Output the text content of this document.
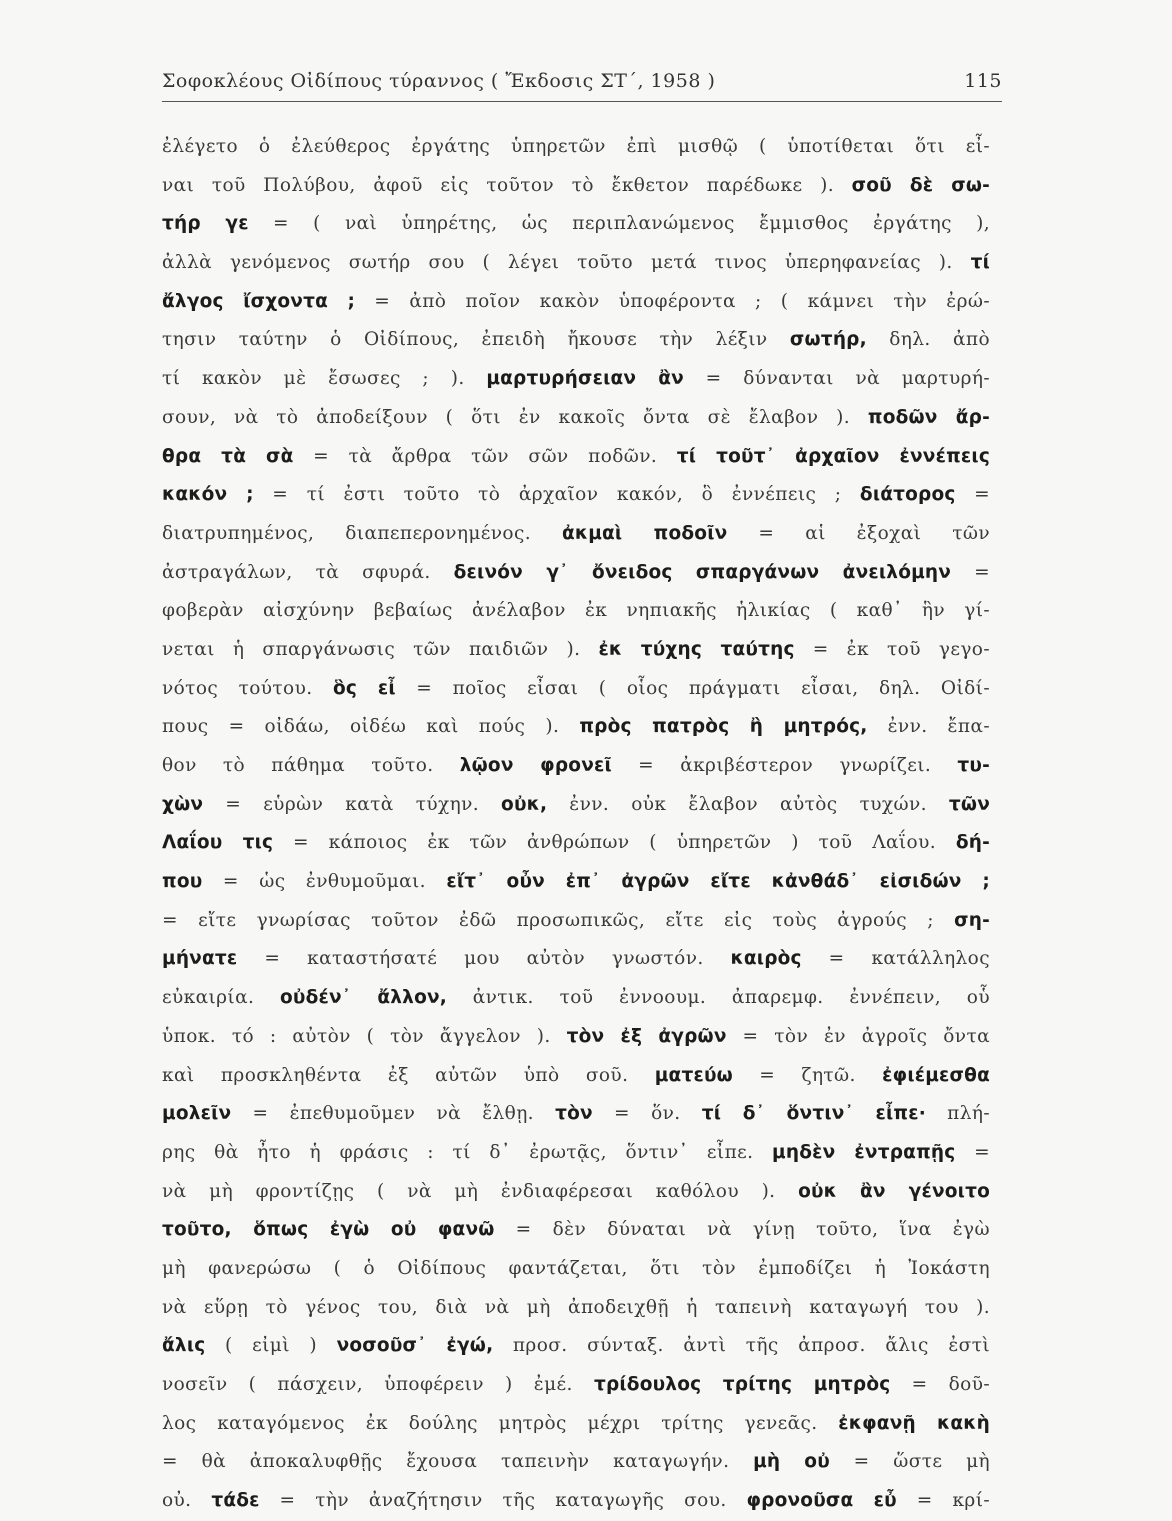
Σοφοκλέους Οἰδίπους τύραννος ( Ἔκδοσις ΣΤ΄, 1958 )	115
ἐλέγετο ὁ ἐλεύθερος ἐργάτης ὑπηρετῶν ἐπὶ μισθῷ ( ὑποτίθεται ὅτι εἶ-
ναι τοῦ Πολύβου, ἀφοῦ εἰς τοῦτον τὸ ἔκθετον παρέδωκε ). σοῦ δὲ σω-
τήρ γε = ( ναὶ ὑπηρέτης, ὡς περιπλανώμενος ἔμμισθος ἐργάτης ),
ἀλλὰ γενόμενος σωτήρ σου ( λέγει τοῦτο μετά τινος ὑπερηφανείας ). τί
ἄλγος ἴσχοντα ; = ἀπὸ ποῖον κακὸν ὑποφέροντα ; ( κάμνει τὴν ἐρώ-
τησιν ταύτην ὁ Οἰδίπους, ἐπειδὴ ἤκουσε τὴν λέξιν σωτήρ, δηλ. ἀπὸ
τί κακὸν μὲ ἔσωσες ; ). μαρτυρήσειαν ἂν = δύνανται νὰ μαρτυρή-
σουν, νὰ τὸ ἀποδείξουν ( ὅτι ἐν κακοῖς ὄντα σὲ ἔλαβον ). ποδῶν ἄρ-
θρα τὰ σὰ = τὰ ἄρθρα τῶν σῶν ποδῶν. τί τοῦτ᾽ ἀρχαῖον ἐννέπεις
κακόν ; = τί ἐστι τοῦτο τὸ ἀρχαῖον κακόν, ὃ ἐννέπεις ; διάτορος =
διατρυπημένος, διαπεπερονημένος. ἀκμαὶ ποδοῖν = αἱ ἐξοχαὶ τῶν
ἀστραγάλων, τὰ σφυρά. δεινόν γ᾽ ὄνειδος σπαργάνων ἀνειλόμην =
φοβερὰν αἰσχύνην βεβαίως ἀνέλαβον ἐκ νηπιακῆς ἡλικίας ( καθ᾽ ἣν γί-
νεται ἡ σπαργάνωσις τῶν παιδιῶν ). ἐκ τύχης ταύτης = ἐκ τοῦ γεγο-
νότος τούτου. ὃς εἶ = ποῖος εἶσαι ( οἷος πράγματι εἶσαι, δηλ. Οἰδί-
πους = οἰδάω, οἰδέω καὶ πούς ). πρὸς πατρὸς ἢ μητρός, ἐνν. ἔπα-
θον τὸ πάθημα τοῦτο. λῷον φρονεῖ = ἀκριβέστερον γνωρίζει. τυ-
χὼν = εὑρὼν κατὰ τύχην. οὐκ, ἐνν. οὐκ ἔλαβον αὐτὸς τυχών. τῶν
Λαΐου τις = κάποιος ἐκ τῶν ἀνθρώπων ( ὑπηρετῶν ) τοῦ Λαΐου. δή-
που = ὡς ἐνθυμοῦμαι. εἴτ᾽ οὖν ἐπ᾽ ἀγρῶν εἴτε κἀνθάδ᾽ εἰσιδών ;
= εἴτε γνωρίσας τοῦτον ἐδῶ προσωπικῶς, εἴτε εἰς τοὺς ἀγρούς ; ση-
μήνατε = καταστήσατέ μου αὐτὸν γνωστόν. καιρὸς = κατάλληλος
εὐκαιρία. οὐδέν᾽ ἄλλον, ἀντικ. τοῦ ἐννοουμ. ἀπαρεμφ. ἐννέπειν, οὗ
ὑποκ. τό : αὐτὸν ( τὸν ἄγγελον ). τὸν ἐξ ἀγρῶν = τὸν ἐν ἀγροῖς ὄντα
καὶ προσκληθέντα ἐξ αὐτῶν ὑπὸ σοῦ. ματεύω = ζητῶ. ἐφιέμεσθα
μολεῖν = ἐπεθυμοῦμεν νὰ ἔλθῃ. τὸν = ὅν. τί δ᾽ ὅντιν᾽ εἶπε· πλή-
ρης θὰ ἦτο ἡ φράσις : τί δ᾽ ἐρωτᾷς, ὅντιν᾽ εἶπε. μηδὲν ἐντραπῇς =
νὰ μὴ φροντίζῃς ( νὰ μὴ ἐνδιαφέρεσαι καθόλου ). οὐκ ἂν γένοιτο
τοῦτο, ὅπως ἐγὼ οὐ φανῶ = δὲν δύναται νὰ γίνῃ τοῦτο, ἵνα ἐγὼ
μὴ φανερώσω ( ὁ Οἰδίπους φαντάζεται, ὅτι τὸν ἐμποδίζει ἡ Ἰοκάστη
νὰ εὕρῃ τὸ γένος του, διὰ νὰ μὴ ἀποδειχθῇ ἡ ταπεινὴ καταγωγή του ).
ἄλις ( εἰμὶ ) νοσοῦσ᾽ ἐγώ, προσ. σύνταξ. ἀντὶ τῆς ἀπροσ. ἄλις ἐστὶ
νοσεῖν ( πάσχειν, ὑποφέρειν ) ἐμέ. τρίδουλος τρίτης μητρὸς = δοῦ-
λος καταγόμενος ἐκ δούλης μητρὸς μέχρι τρίτης γενεᾶς. ἐκφανῇ κακὴ
= θὰ ἀποκαλυφθῇς ἔχουσα ταπεινὴν καταγωγήν. μὴ οὐ = ὥστε μὴ
οὐ. τάδε = τὴν ἀναζήτησιν τῆς καταγωγῆς σου. φρονοῦσα εὖ = κρί-
